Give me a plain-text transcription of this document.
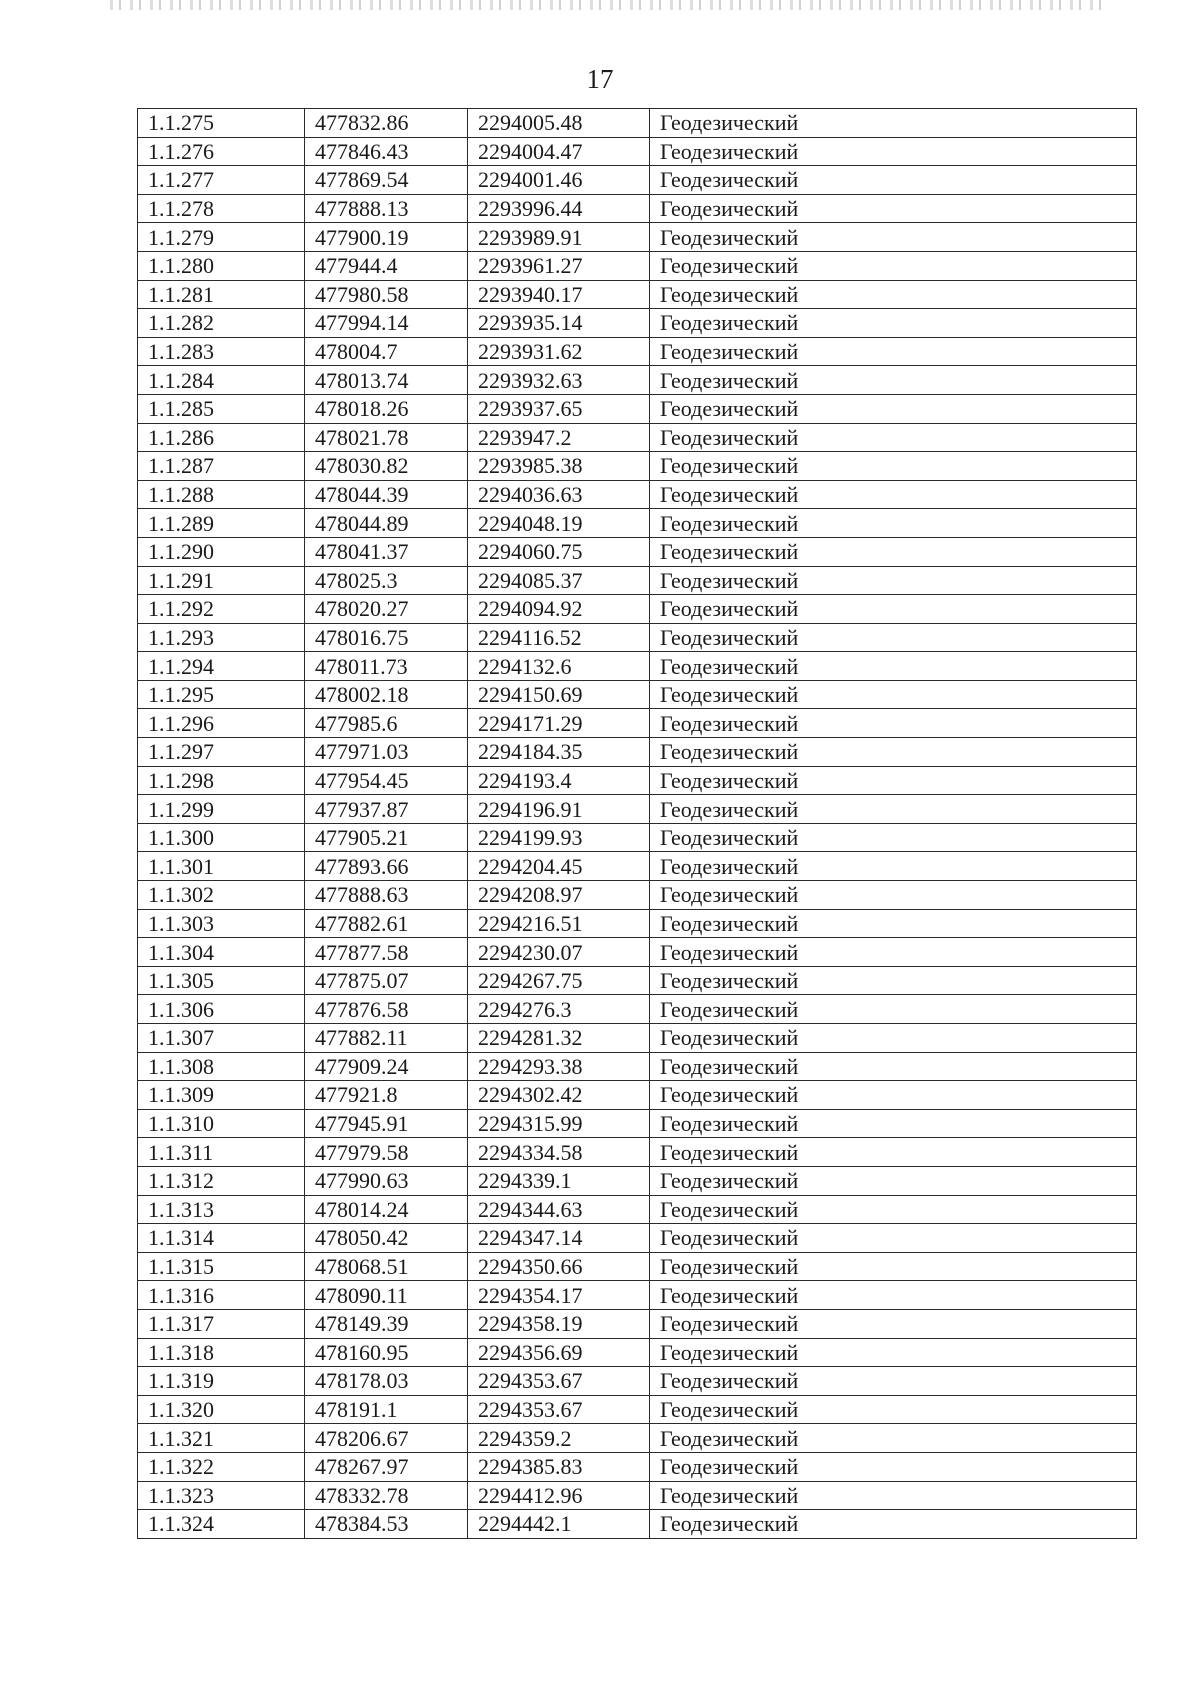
17
1.1.275	477832.86	2294005.48	Геодезический
1.1.276	477846.43	2294004.47	Геодезический
1.1.277	477869.54	2294001.46	Геодезический
1.1.278	477888.13	2293996.44	Геодезический
1.1.279	477900.19	2293989.91	Геодезический
1.1.280	477944.4	2293961.27	Геодезический
1.1.281	477980.58	2293940.17	Геодезический
1.1.282	477994.14	2293935.14	Геодезический
1.1.283	478004.7	2293931.62	Геодезический
1.1.284	478013.74	2293932.63	Геодезический
1.1.285	478018.26	2293937.65	Геодезический
1.1.286	478021.78	2293947.2	Геодезический
1.1.287	478030.82	2293985.38	Геодезический
1.1.288	478044.39	2294036.63	Геодезический
1.1.289	478044.89	2294048.19	Геодезический
1.1.290	478041.37	2294060.75	Геодезический
1.1.291	478025.3	2294085.37	Геодезический
1.1.292	478020.27	2294094.92	Геодезический
1.1.293	478016.75	2294116.52	Геодезический
1.1.294	478011.73	2294132.6	Геодезический
1.1.295	478002.18	2294150.69	Геодезический
1.1.296	477985.6	2294171.29	Геодезический
1.1.297	477971.03	2294184.35	Геодезический
1.1.298	477954.45	2294193.4	Геодезический
1.1.299	477937.87	2294196.91	Геодезический
1.1.300	477905.21	2294199.93	Геодезический
1.1.301	477893.66	2294204.45	Геодезический
1.1.302	477888.63	2294208.97	Геодезический
1.1.303	477882.61	2294216.51	Геодезический
1.1.304	477877.58	2294230.07	Геодезический
1.1.305	477875.07	2294267.75	Геодезический
1.1.306	477876.58	2294276.3	Геодезический
1.1.307	477882.11	2294281.32	Геодезический
1.1.308	477909.24	2294293.38	Геодезический
1.1.309	477921.8	2294302.42	Геодезический
1.1.310	477945.91	2294315.99	Геодезический
1.1.311	477979.58	2294334.58	Геодезический
1.1.312	477990.63	2294339.1	Геодезический
1.1.313	478014.24	2294344.63	Геодезический
1.1.314	478050.42	2294347.14	Геодезический
1.1.315	478068.51	2294350.66	Геодезический
1.1.316	478090.11	2294354.17	Геодезический
1.1.317	478149.39	2294358.19	Геодезический
1.1.318	478160.95	2294356.69	Геодезический
1.1.319	478178.03	2294353.67	Геодезический
1.1.320	478191.1	2294353.67	Геодезический
1.1.321	478206.67	2294359.2	Геодезический
1.1.322	478267.97	2294385.83	Геодезический
1.1.323	478332.78	2294412.96	Геодезический
1.1.324	478384.53	2294442.1	Геодезический
